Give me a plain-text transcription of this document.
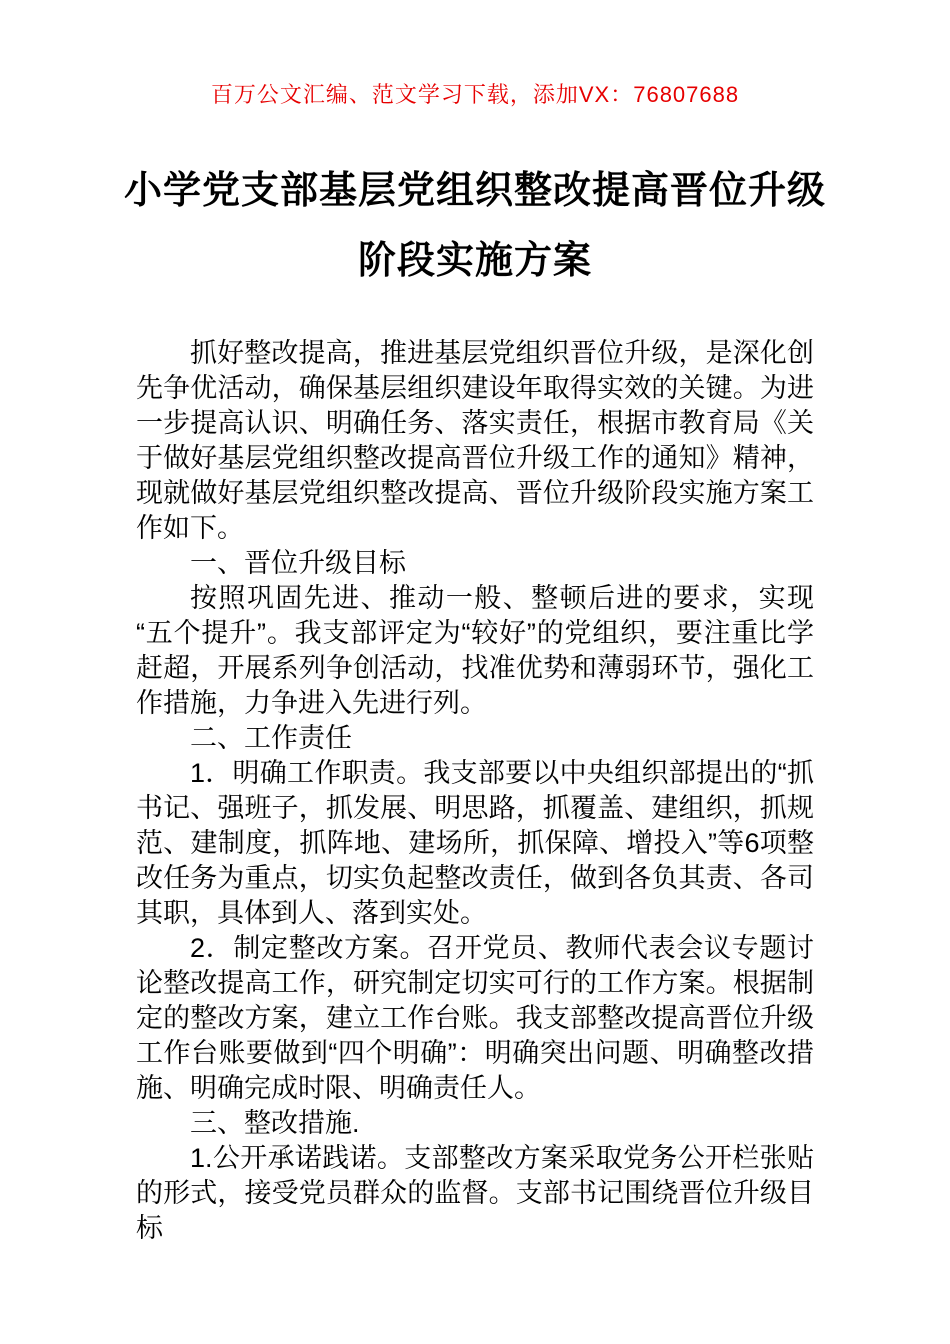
百万公文汇编、范文学习下载，添加VX：76807688
小学党支部基层党组织整改提高晋位升级
阶段实施方案

抓好整改提高，推进基层党组织晋位升级，是深化创先争优活动，确保基层组织建设年取得实效的关键。为进一步提高认识、明确任务、落实责任，根据市教育局《关于做好基层党组织整改提高晋位升级工作的通知》精神，现就做好基层党组织整改提高、晋位升级阶段实施方案工作如下。

一、晋位升级目标

按照巩固先进、推动一般、整顿后进的要求，实现“五个提升”。我支部评定为“较好”的党组织，要注重比学赶超，开展系列争创活动，找准优势和薄弱环节，强化工作措施，力争进入先进行列。

二、工作责任

1．明确工作职责。我支部要以中央组织部提出的“抓书记、强班子，抓发展、明思路，抓覆盖、建组织，抓规范、建制度，抓阵地、建场所，抓保障、增投入”等6项整改任务为重点，切实负起整改责任，做到各负其责、各司其职，具体到人、落到实处。

2．制定整改方案。召开党员、教师代表会议专题讨论整改提高工作，研究制定切实可行的工作方案。根据制定的整改方案，建立工作台账。我支部整改提高晋位升级工作台账要做到“四个明确”：明确突出问题、明确整改措施、明确完成时限、明确责任人。

三、整改措施.

1.公开承诺践诺。支部整改方案采取党务公开栏张贴的形式，接受党员群众的监督。支部书记围绕晋位升级目标
